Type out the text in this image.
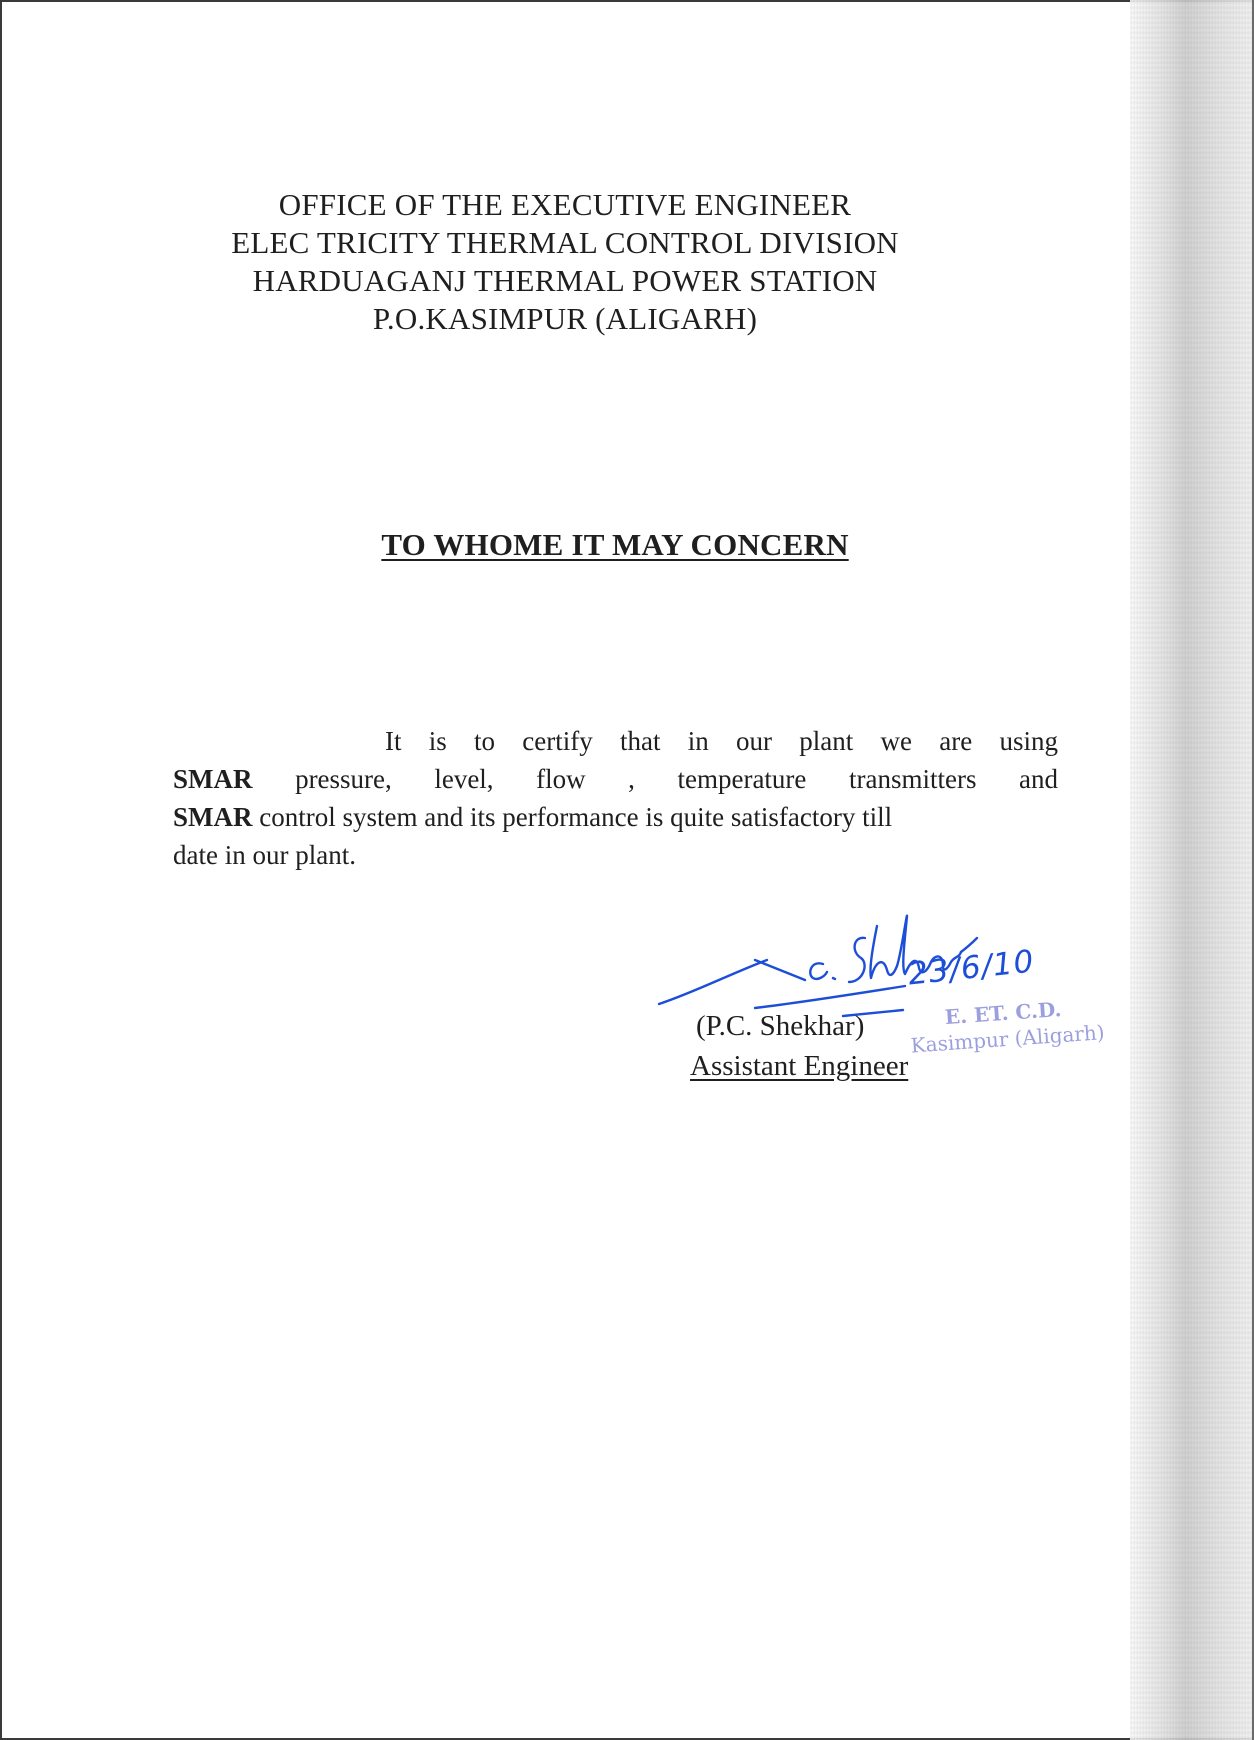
OFFICE OF THE EXECUTIVE ENGINEER
ELEC TRICITY THERMAL CONTROL DIVISION
HARDUAGANJ THERMAL POWER STATION
P.O.KASIMPUR (ALIGARH)
TO WHOME IT MAY CONCERN
It is to certify that in our plant we are using
SMAR pressure, level, flow , temperature transmitters and
SMAR control system and its performance is quite satisfactory till
date in our plant.
23/6/10
E. ET. C.D.
Kasimpur (Aligarh)
(P.C. Shekhar)
Assistant Engineer
